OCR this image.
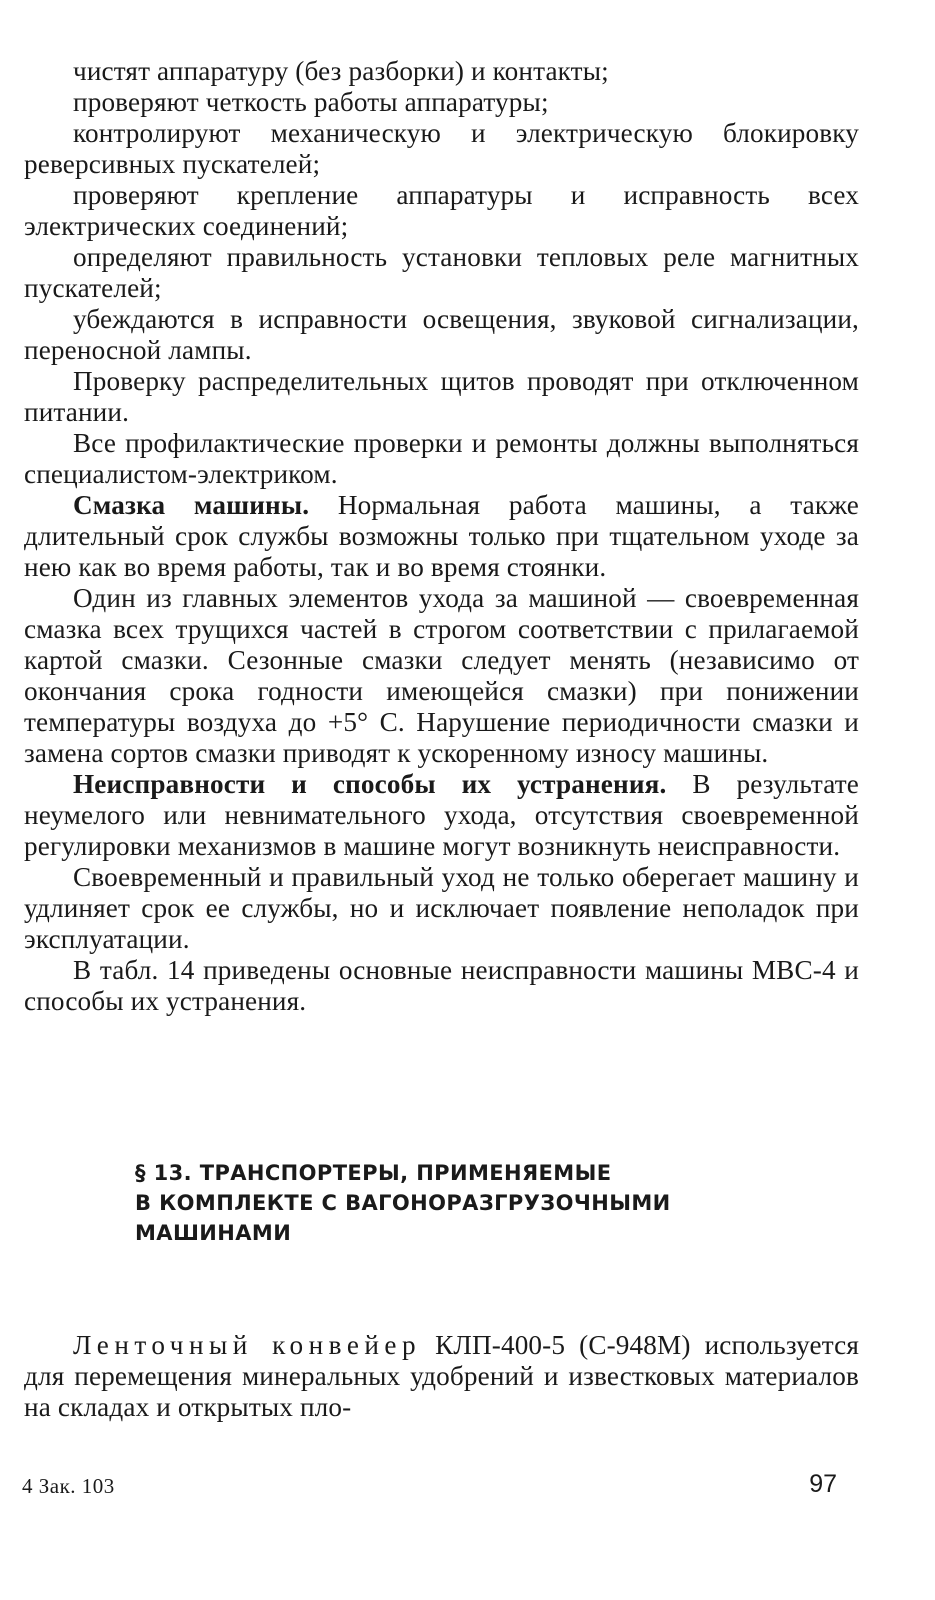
чистят аппаратуру (без разборки) и контакты;

проверяют четкость работы аппаратуры;

контролируют механическую и электрическую блокировку реверсивных пускателей;

проверяют крепление аппаратуры и исправность всех электрических соединений;

определяют правильность установки тепловых реле магнитных пускателей;

убеждаются в исправности освещения, звуковой сигнализации, переносной лампы.

Проверку распределительных щитов проводят при отключенном питании.

Все профилактические проверки и ремонты должны выполняться специалистом-электриком.

Смазка машины. Нормальная работа машины, а также длительный срок службы возможны только при тщательном уходе за нею как во время работы, так и во время стоянки.

Один из главных элементов ухода за машиной — своевременная смазка всех трущихся частей в строгом соответствии с прилагаемой картой смазки. Сезонные смазки следует менять (независимо от окончания срока годности имеющейся смазки) при понижении температуры воздуха до +5° С. Нарушение периодичности смазки и замена сортов смазки приводят к ускоренному износу машины.

Неисправности и способы их устранения. В результате неумелого или невнимательного ухода, отсутствия своевременной регулировки механизмов в машине могут возникнуть неисправности.

Своевременный и правильный уход не только оберегает машину и удлиняет срок ее службы, но и исключает появление неполадок при эксплуатации.

В табл. 14 приведены основные неисправности машины МВС-4 и способы их устранения.

§ 13. ТРАНСПОРТЕРЫ, ПРИМЕНЯЕМЫЕ
В КОМПЛЕКТЕ С ВАГОНОРАЗГРУЗОЧНЫМИ
МАШИНАМИ

Ленточный конвейер КЛП-400-5 (С-948М) используется для перемещения минеральных удобрений и известковых материалов на складах и открытых пло-

4 Зак. 103	97
